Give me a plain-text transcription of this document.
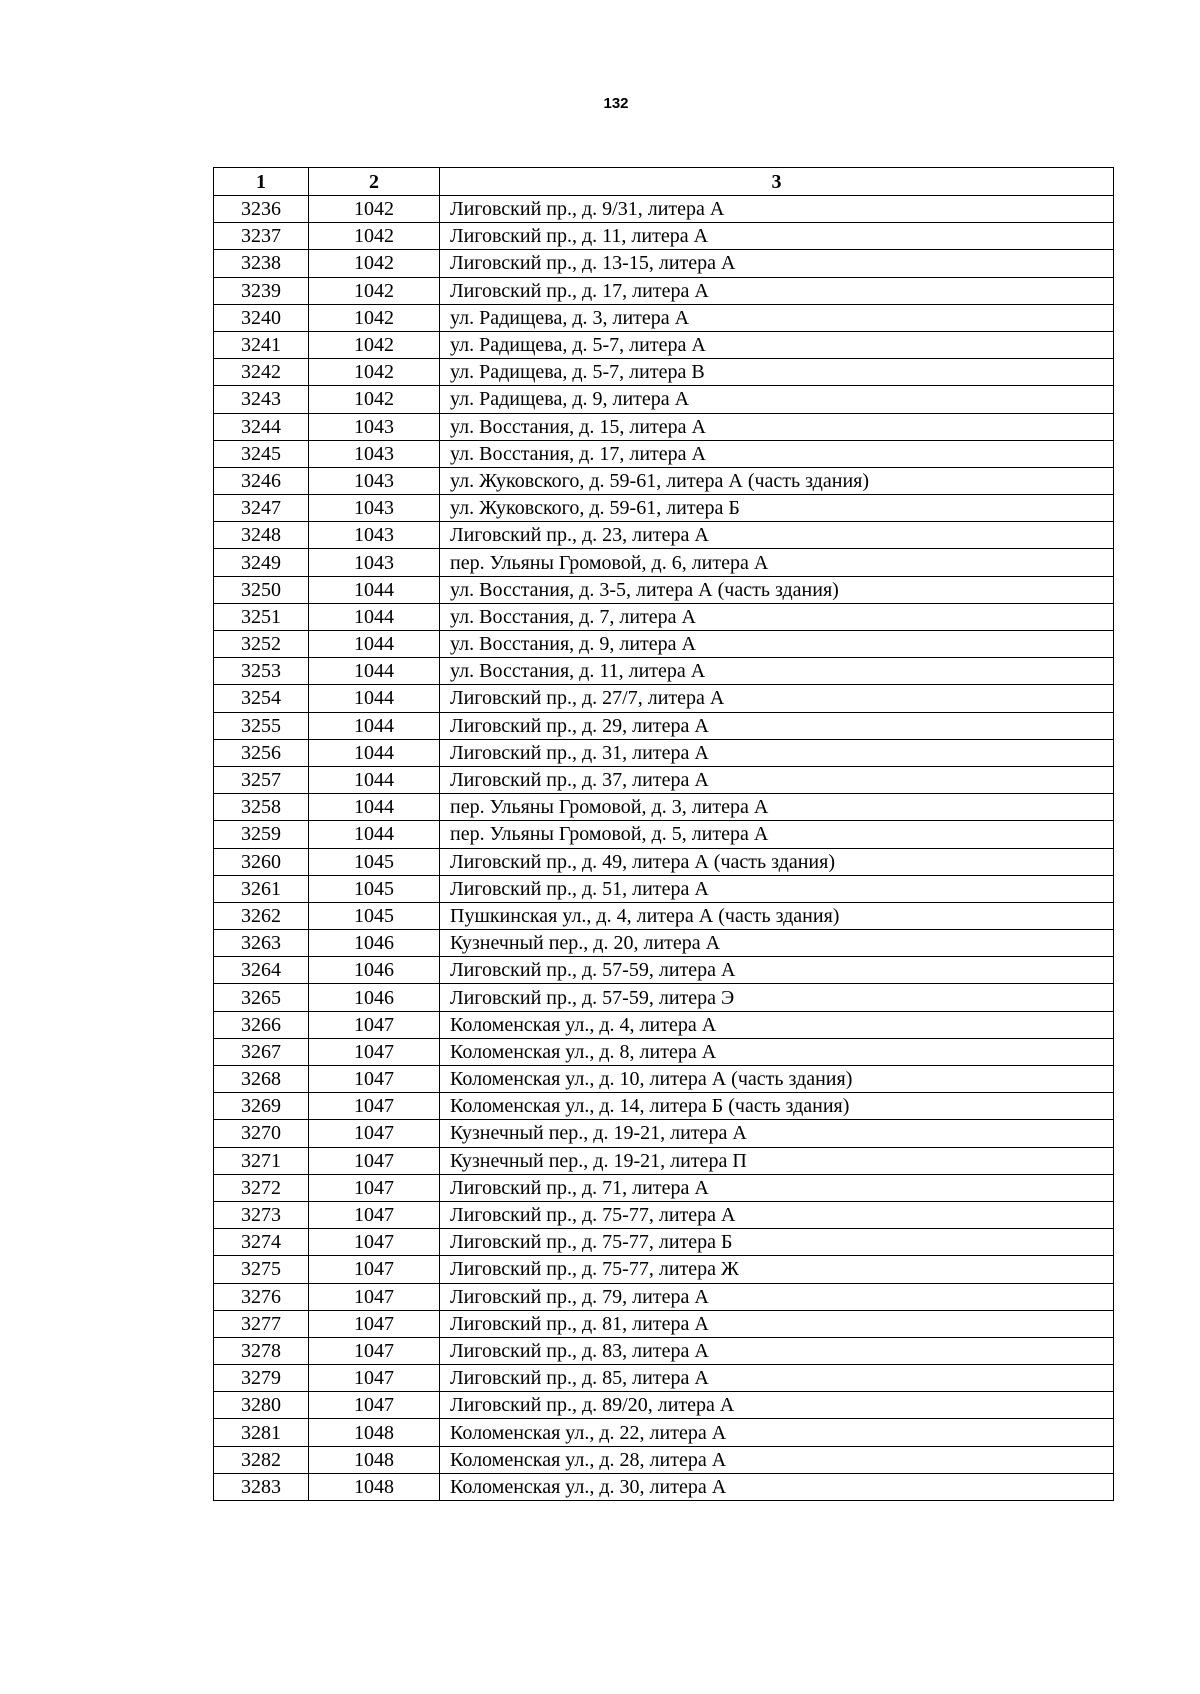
132
1	2	3
3236	1042	Лиговский пр., д. 9/31, литера А
3237	1042	Лиговский пр., д. 11, литера А
3238	1042	Лиговский пр., д. 13-15, литера А
3239	1042	Лиговский пр., д. 17, литера А
3240	1042	ул. Радищева, д. 3, литера А
3241	1042	ул. Радищева, д. 5-7, литера А
3242	1042	ул. Радищева, д. 5-7, литера В
3243	1042	ул. Радищева, д. 9, литера А
3244	1043	ул. Восстания, д. 15, литера А
3245	1043	ул. Восстания, д. 17, литера А
3246	1043	ул. Жуковского, д. 59-61, литера А (часть здания)
3247	1043	ул. Жуковского, д. 59-61, литера Б
3248	1043	Лиговский пр., д. 23, литера А
3249	1043	пер. Ульяны Громовой, д. 6, литера А
3250	1044	ул. Восстания, д. 3-5, литера А (часть здания)
3251	1044	ул. Восстания, д. 7, литера А
3252	1044	ул. Восстания, д. 9, литера А
3253	1044	ул. Восстания, д. 11, литера А
3254	1044	Лиговский пр., д. 27/7, литера А
3255	1044	Лиговский пр., д. 29, литера А
3256	1044	Лиговский пр., д. 31, литера А
3257	1044	Лиговский пр., д. 37, литера А
3258	1044	пер. Ульяны Громовой, д. 3, литера А
3259	1044	пер. Ульяны Громовой, д. 5, литера А
3260	1045	Лиговский пр., д. 49, литера А (часть здания)
3261	1045	Лиговский пр., д. 51, литера А
3262	1045	Пушкинская ул., д. 4, литера А (часть здания)
3263	1046	Кузнечный пер., д. 20, литера А
3264	1046	Лиговский пр., д. 57-59, литера А
3265	1046	Лиговский пр., д. 57-59, литера Э
3266	1047	Коломенская ул., д. 4, литера А
3267	1047	Коломенская ул., д. 8, литера А
3268	1047	Коломенская ул., д. 10, литера А (часть здания)
3269	1047	Коломенская ул., д. 14, литера Б (часть здания)
3270	1047	Кузнечный пер., д. 19-21, литера А
3271	1047	Кузнечный пер., д. 19-21, литера П
3272	1047	Лиговский пр., д. 71, литера А
3273	1047	Лиговский пр., д. 75-77, литера А
3274	1047	Лиговский пр., д. 75-77, литера Б
3275	1047	Лиговский пр., д. 75-77, литера Ж
3276	1047	Лиговский пр., д. 79, литера А
3277	1047	Лиговский пр., д. 81, литера А
3278	1047	Лиговский пр., д. 83, литера А
3279	1047	Лиговский пр., д. 85, литера А
3280	1047	Лиговский пр., д. 89/20, литера А
3281	1048	Коломенская ул., д. 22, литера А
3282	1048	Коломенская ул., д. 28, литера А
3283	1048	Коломенская ул., д. 30, литера А
